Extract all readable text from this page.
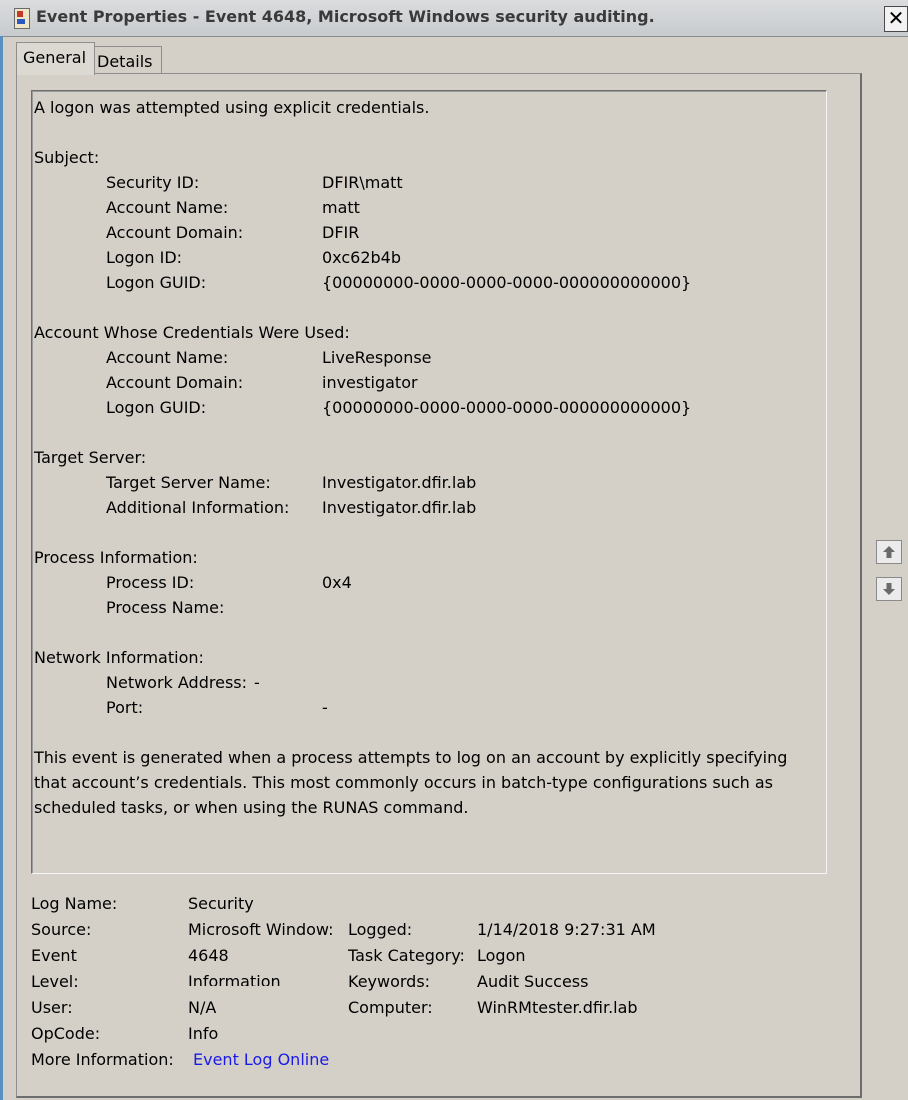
Event Properties - Event 4648, Microsoft Windows security auditing.	✕
General Details
A logon was attempted using explicit credentials.
Subject:
Security ID:	DFIR\matt
Account Name:	matt
Account Domain:	DFIR
Logon ID:	0xc62b4b
Logon GUID:	{00000000-0000-0000-0000-000000000000}
Account Whose Credentials Were Used:
Account Name:	LiveResponse
Account Domain:	investigator
Logon GUID:	{00000000-0000-0000-0000-000000000000}
Target Server:
Target Server Name:	Investigator.dfir.lab
Additional Information: Investigator.dfir.lab
Process Information:
Process ID:	0x4
Process Name:
Network Information:
Network Address: -
Port:	-
This event is generated when a process attempts to log on an account by explicitly specifying that account’s credentials. This most commonly occurs in batch-type configurations such as scheduled tasks, or when using the RUNAS command.
Log Name:	Security
Source:	Microsoft Window: Logged:	1/14/2018 9:27:31 AM
Event	4648	Task Category: Logon
Level:	Information	Keywords:	Audit Success
User:	N/A	Computer:	WinRMtester.dfir.lab
OpCode:	Info
More Information: Event Log Online
